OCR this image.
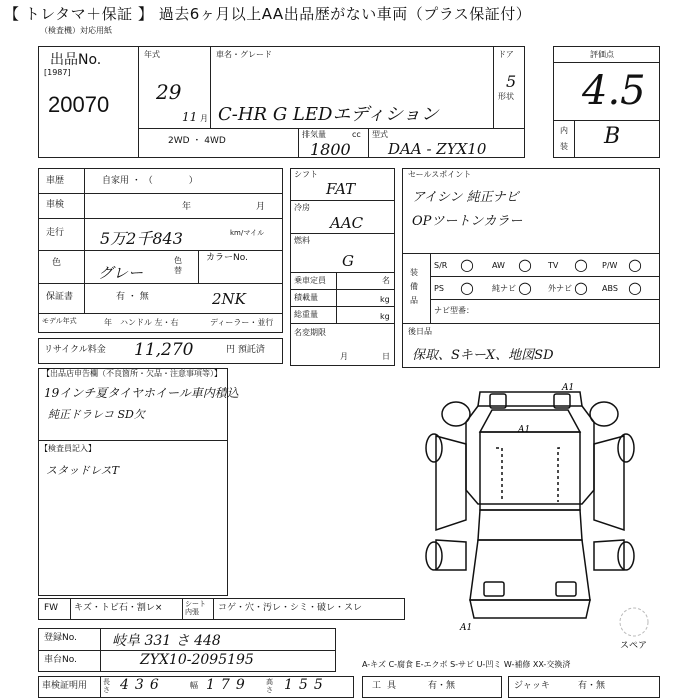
【 トレタマ＋保証 】 過去6ヶ月以上AA出品歴がない車両（プラス保証付）
（検査機）対応用紙
出品No.
[1987]
20070
年式
29
11 月
車名・グレード
C-HR G LEDエディション
ドア
5
形状
2WD ・ 4WD
排気量	cc
1800
型式
DAA - ZYX10
評価点
4.5
内
装 B
車歴	自家用 ・ （　　　　）
車検	年	月
走行 5万2千843	km/マイル
色
グレー
色替
カラーNo.
2NK
保証書	有 ・ 無
モデル年式	年 ハンドル 左・右	ディーラー・並行
リサイクル料金 11,270	円 預託済
シフト
FAT
冷房
AAC
燃料
G
乗車定員	名
積載量	kg
総重量	kg
名変期限
月	日
セールスポイント
アイシン 純正ナビ
OPツートンカラー
装備品
ナビ型番：
後日品
保取、SキーX、地図SD
【出品店申告欄（不良箇所・欠品・注意事項等）】
19インチ夏タイヤホイール車内積込
純正ドラレコ SD欠
【検査員記入】
スタッドレスT
A1
A1
A1
スペア
FW キズ・トビ石・割レ×	シート内張	コゲ・穴・汚レ・シミ・破レ・スレ
登録No.	岐阜 331 さ 448
車台No.	ZYX10-2095195	A-キズ C-腐食 E-エクボ S-サビ U-凹ミ W-補修 XX-交換済
車検証明用 長さ 436	幅 179 高さ 155	工具	有・無	ジャッキ	有・無
S/R ○ AW ○ TV ○ P/W ○
PS ○ 純ナビ ○ 外ナビ ○ ABS ○
